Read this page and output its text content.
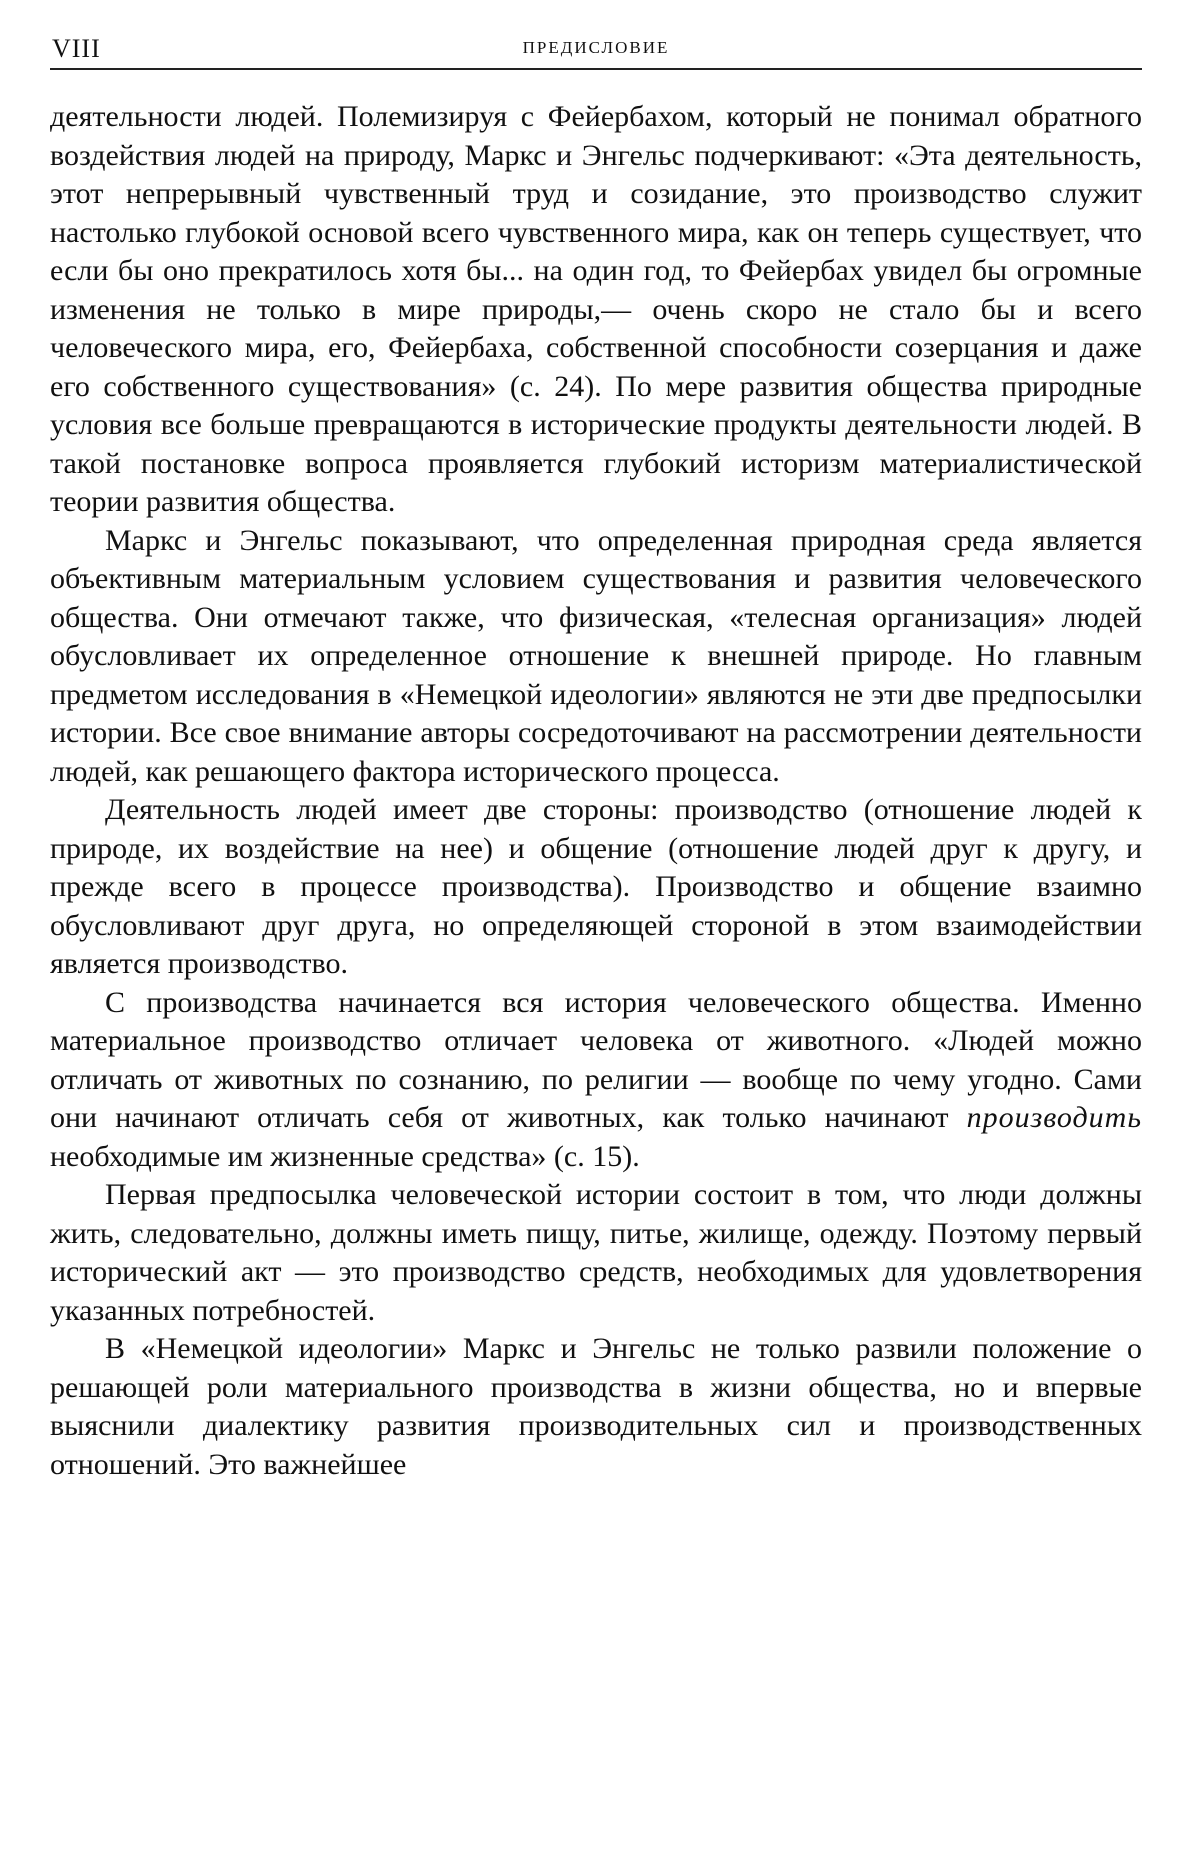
VIII	ПРЕДИСЛОВИЕ

деятельности людей. Полемизируя с Фейербахом, который не понимал обратного воздействия людей на природу, Маркс и Энгельс подчеркивают: «Эта деятельность, этот непрерывный чувственный труд и созидание, это производство служит настолько глубокой основой всего чувственного мира, как он теперь существует, что если бы оно прекратилось хотя бы... на один год, то Фейербах увидел бы огромные изменения не только в мире природы,— очень скоро не стало бы и всего человеческого мира, его, Фейербаха, собственной способности созерцания и даже его собственного существования» (с. 24). По мере развития общества природные условия все больше превращаются в исторические продукты деятельности людей. В такой постановке вопроса проявляется глубокий историзм материалистической теории развития общества.

Маркс и Энгельс показывают, что определенная природная среда является объективным материальным условием существования и развития человеческого общества. Они отмечают также, что физическая, «телесная организация» людей обусловливает их определенное отношение к внешней природе. Но главным предметом исследования в «Немецкой идеологии» являются не эти две предпосылки истории. Все свое внимание авторы сосредоточивают на рассмотрении деятельности людей, как решающего фактора исторического процесса.

Деятельность людей имеет две стороны: производство (отношение людей к природе, их воздействие на нее) и общение (отношение людей друг к другу, и прежде всего в процессе производства). Производство и общение взаимно обусловливают друг друга, но определяющей стороной в этом взаимодействии является производство.

С производства начинается вся история человеческого общества. Именно материальное производство отличает человека от животного. «Людей можно отличать от животных по сознанию, по религии — вообще по чему угодно. Сами они начинают отличать себя от животных, как только начинают производить необходимые им жизненные средства» (с. 15).

Первая предпосылка человеческой истории состоит в том, что люди должны жить, следовательно, должны иметь пищу, питье, жилище, одежду. Поэтому первый исторический акт — это производство средств, необходимых для удовлетворения указанных потребностей.

В «Немецкой идеологии» Маркс и Энгельс не только развили положение о решающей роли материального производства в жизни общества, но и впервые выяснили диалектику развития производительных сил и производственных отношений. Это важнейшее
